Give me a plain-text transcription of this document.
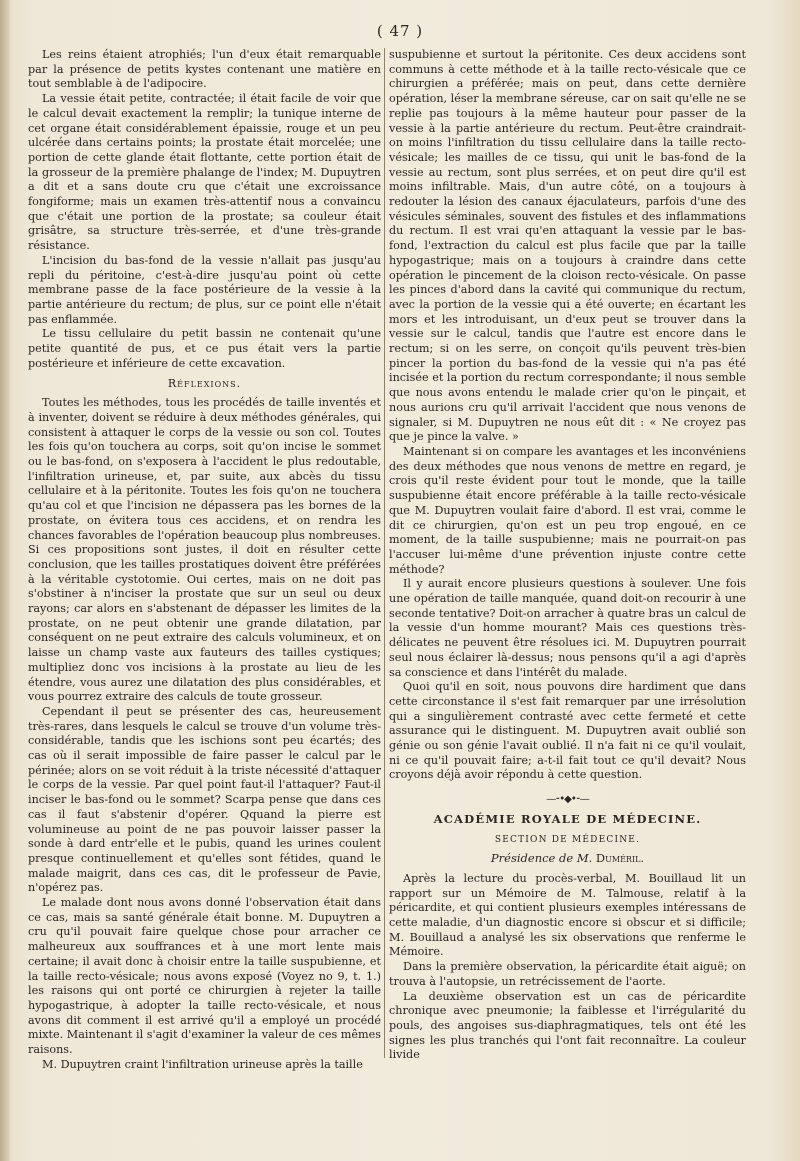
( 47 )

Les reins étaient atrophiés; l'un d'eux était remarquable par la présence de petits kystes contenant une matière en tout semblable à de l'adipocire.

La vessie était petite, contractée; il était facile de voir que le calcul devait exactement la remplir; la tunique interne de cet organe était considérablement épaissie, rouge et un peu ulcérée dans certains points; la prostate était morcelée; une portion de cette glande était flottante, cette portion était de la grosseur de la première phalange de l'index; M. Dupuytren a dit et a sans doute cru que c'était une excroissance fongiforme; mais un examen très-attentif nous a convaincu que c'était une portion de la prostate; sa couleur était grisâtre, sa structure très-serrée, et d'une très-grande résistance.

L'incision du bas-fond de la vessie n'allait pas jusqu'au repli du péritoine, c'est-à-dire jusqu'au point où cette membrane passe de la face postérieure de la vessie à la partie antérieure du rectum; de plus, sur ce point elle n'était pas enflammée.

Le tissu cellulaire du petit bassin ne contenait qu'une petite quantité de pus, et ce pus était vers la partie postérieure et inférieure de cette excavation.

Réflexions.

Toutes les méthodes, tous les procédés de taille inventés et à inventer, doivent se réduire à deux méthodes générales, qui consistent à attaquer le corps de la vessie ou son col. Toutes les fois qu'on touchera au corps, soit qu'on incise le sommet ou le bas-fond, on s'exposera à l'accident le plus redoutable, l'infiltration urineuse, et, par suite, aux abcès du tissu cellulaire et à la péritonite. Toutes les fois qu'on ne touchera qu'au col et que l'incision ne dépassera pas les bornes de la prostate, on évitera tous ces accidens, et on rendra les chances favorables de l'opération beaucoup plus nombreuses. Si ces propositions sont justes, il doit en résulter cette conclusion, que les tailles prostatiques doivent être préférées à la véritable cystotomie. Oui certes, mais on ne doit pas s'obstiner à n'inciser la prostate que sur un seul ou deux rayons; car alors en s'abstenant de dépasser les limites de la prostate, on ne peut obtenir une grande dilatation, par conséquent on ne peut extraire des calculs volumineux, et on laisse un champ vaste aux fauteurs des tailles cystiques; multipliez donc vos incisions à la prostate au lieu de les étendre, vous aurez une dilatation des plus considérables, et vous pourrez extraire des calculs de toute grosseur.

Cependant il peut se présenter des cas, heureusement très-rares, dans lesquels le calcul se trouve d'un volume très-considérable, tandis que les ischions sont peu écartés; des cas où il serait impossible de faire passer le calcul par le périnée; alors on se voit réduit à la triste nécessité d'attaquer le corps de la vessie. Par quel point faut-il l'attaquer? Faut-il inciser le bas-fond ou le sommet? Scarpa pense que dans ces cas il faut s'abstenir d'opérer. Qquand la pierre est volumineuse au point de ne pas pouvoir laisser passer la sonde à dard entr'elle et le pubis, quand les urines coulent presque continuellement et qu'elles sont fétides, quand le malade maigrit, dans ces cas, dit le professeur de Pavie, n'opérez pas.

Le malade dont nous avons donné l'observation était dans ce cas, mais sa santé générale était bonne. M. Dupuytren a cru qu'il pouvait faire quelque chose pour arracher ce malheureux aux souffrances et à une mort lente mais certaine; il avait donc à choisir entre la taille suspubienne, et la taille recto-vésicale; nous avons exposé (Voyez no 9, t. 1.) les raisons qui ont porté ce chirurgien à rejeter la taille hypogastrique, à adopter la taille recto-vésicale, et nous avons dit comment il est arrivé qu'il a employé un procédé mixte. Maintenant il s'agit d'examiner la valeur de ces mêmes raisons.

M. Dupuytren craint l'infiltration urineuse après la taille

suspubienne et surtout la péritonite. Ces deux accidens sont communs à cette méthode et à la taille recto-vésicale que ce chirurgien a préférée; mais on peut, dans cette dernière opération, léser la membrane séreuse, car on sait qu'elle ne se replie pas toujours à la même hauteur pour passer de la vessie à la partie antérieure du rectum. Peut-être craindrait-on moins l'infiltration du tissu cellulaire dans la taille recto-vésicale; les mailles de ce tissu, qui unit le bas-fond de la vessie au rectum, sont plus serrées, et on peut dire qu'il est moins infiltrable. Mais, d'un autre côté, on a toujours à redouter la lésion des canaux éjaculateurs, parfois d'une des vésicules séminales, souvent des fistules et des inflammations du rectum. Il est vrai qu'en attaquant la vessie par le bas-fond, l'extraction du calcul est plus facile que par la taille hypogastrique; mais on a toujours à craindre dans cette opération le pincement de la cloison recto-vésicale. On passe les pinces d'abord dans la cavité qui communique du rectum, avec la portion de la vessie qui a été ouverte; en écartant les mors et les introduisant, un d'eux peut se trouver dans la vessie sur le calcul, tandis que l'autre est encore dans le rectum; si on les serre, on conçoit qu'ils peuvent très-bien pincer la portion du bas-fond de la vessie qui n'a pas été incisée et la portion du rectum correspondante; il nous semble que nous avons entendu le malade crier qu'on le pinçait, et nous aurions cru qu'il arrivait l'accident que nous venons de signaler, si M. Dupuytren ne nous eût dit : « Ne croyez pas que je pince la valve. »

Maintenant si on compare les avantages et les inconvéniens des deux méthodes que nous venons de mettre en regard, je crois qu'il reste évident pour tout le monde, que la taille suspubienne était encore préférable à la taille recto-vésicale que M. Dupuytren voulait faire d'abord. Il est vrai, comme le dit ce chirurgien, qu'on est un peu trop engoué, en ce moment, de la taille suspubienne; mais ne pourrait-on pas l'accuser lui-même d'une prévention injuste contre cette méthode?

Il y aurait encore plusieurs questions à soulever. Une fois une opération de taille manquée, quand doit-on recourir à une seconde tentative? Doit-on arracher à quatre bras un calcul de la vessie d'un homme mourant? Mais ces questions très-délicates ne peuvent être résolues ici. M. Dupuytren pourrait seul nous éclairer là-dessus; nous pensons qu'il a agi d'après sa conscience et dans l'intérêt du malade.

Quoi qu'il en soit, nous pouvons dire hardiment que dans cette circonstance il s'est fait remarquer par une irrésolution qui a singulièrement contrasté avec cette fermeté et cette assurance qui le distinguent. M. Dupuytren avait oublié son génie ou son génie l'avait oublié. Il n'a fait ni ce qu'il voulait, ni ce qu'il pouvait faire; a-t-il fait tout ce qu'il devait? Nous croyons déjà avoir répondu à cette question.

—⁃•◆•⁃—
ACADÉMIE ROYALE DE MÉDECINE.
SECTION DE MÉDECINE.
Présidence de M. Duméril.

Après la lecture du procès-verbal, M. Bouillaud lit un rapport sur un Mémoire de M. Talmouse, relatif à la péricardite, et qui contient plusieurs exemples intéressans de cette maladie, d'un diagnostic encore si obscur et si difficile; M. Bouillaud a analysé les six observations que renferme le Mémoire.

Dans la première observation, la péricardite était aiguë; on trouva à l'autopsie, un retrécissement de l'aorte.

La deuxième observation est un cas de péricardite chronique avec pneumonie; la faiblesse et l'irrégularité du pouls, des angoises sus-diaphragmatiques, tels ont été les signes les plus tranchés qui l'ont fait reconnaître. La couleur livide
